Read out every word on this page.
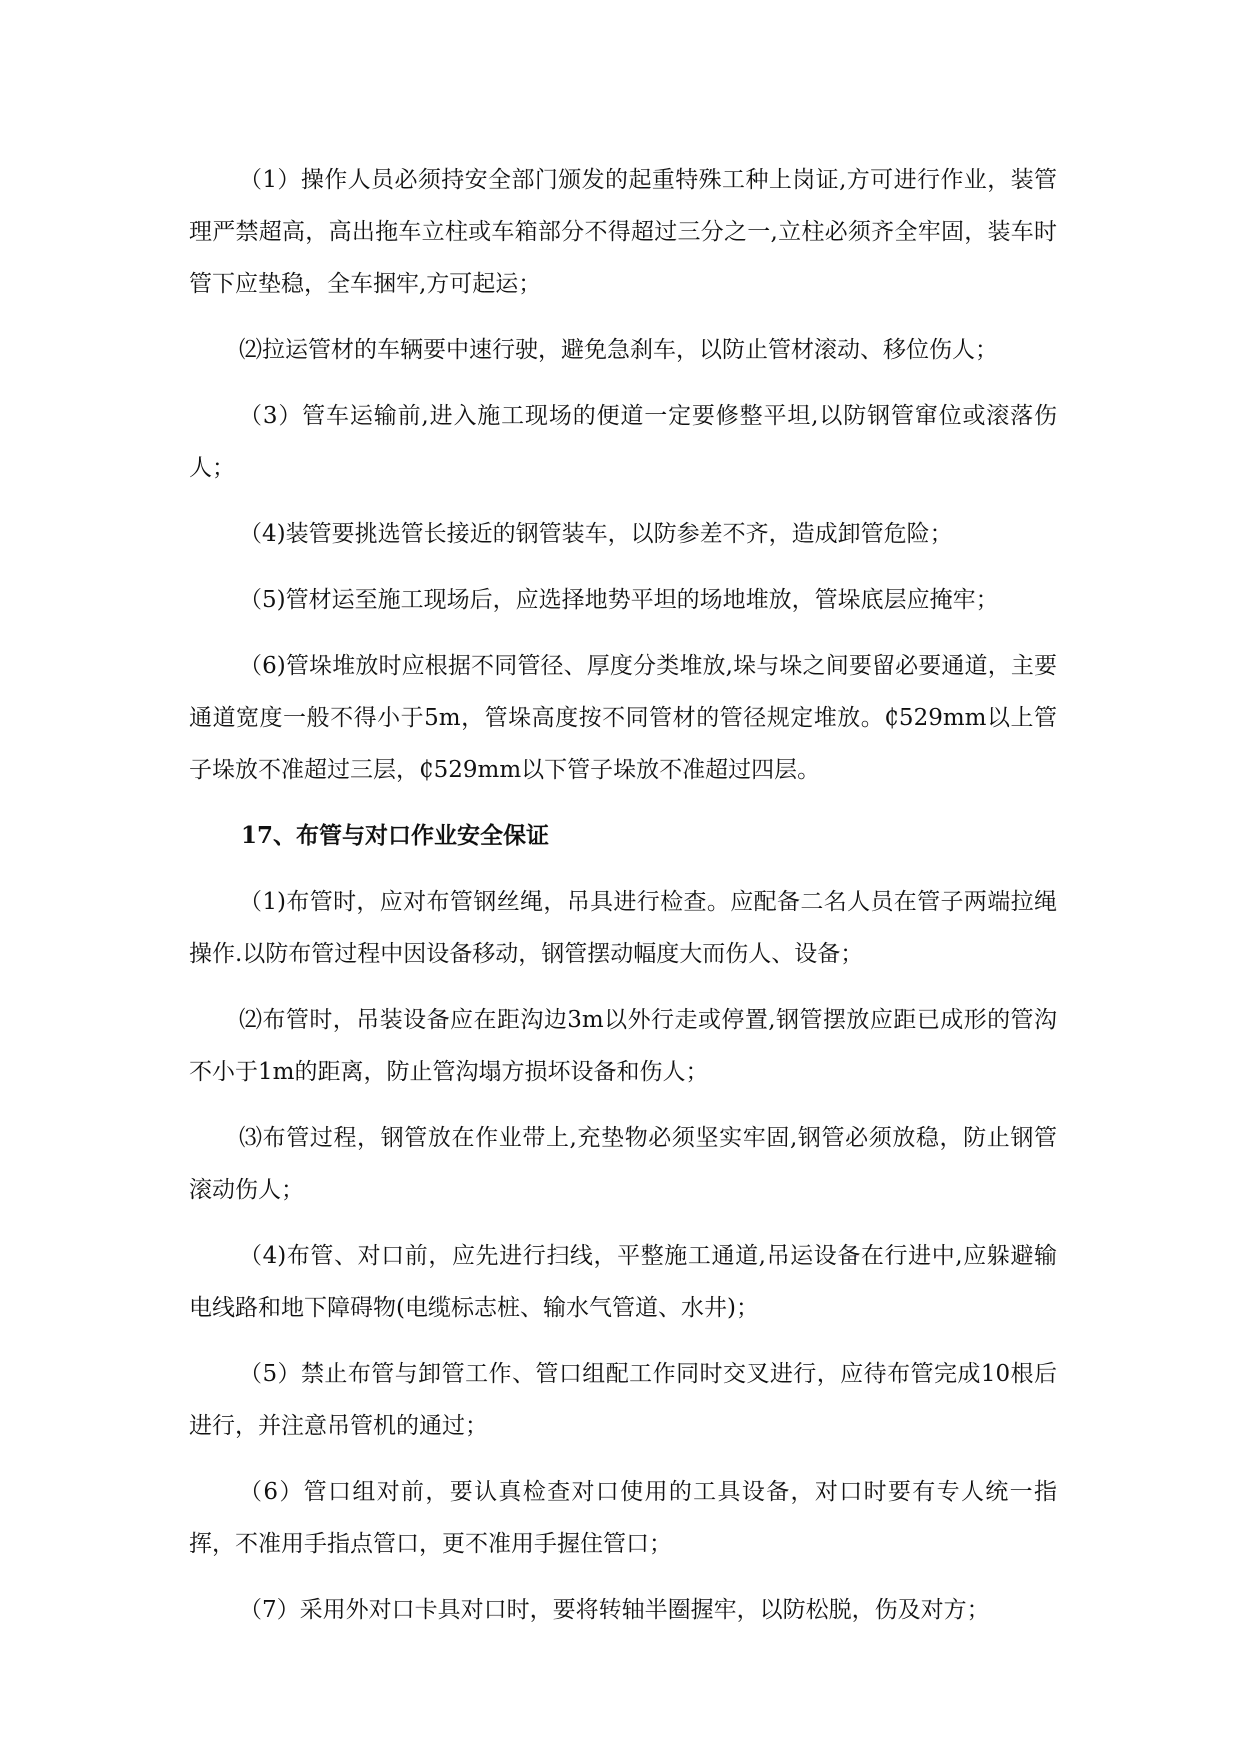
（1）操作人员必须持安全部门颁发的起重特殊工种上岗证,方可进行作业，装管理严禁超高，高出拖车立柱或车箱部分不得超过三分之一,立柱必须齐全牢固，装车时管下应垫稳，全车捆牢,方可起运；

⑵拉运管材的车辆要中速行驶，避免急刹车，以防止管材滚动、移位伤人；

（3）管车运输前,进入施工现场的便道一定要修整平坦,以防钢管窜位或滚落伤人；

（4)装管要挑选管长接近的钢管装车，以防参差不齐，造成卸管危险；

（5)管材运至施工现场后，应选择地势平坦的场地堆放，管垛底层应掩牢；

（6)管垛堆放时应根据不同管径、厚度分类堆放,垛与垛之间要留必要通道，主要通道宽度一般不得小于5m，管垛高度按不同管材的管径规定堆放。₵529mm以上管子垛放不准超过三层，₵529mm以下管子垛放不准超过四层。

17、布管与对口作业安全保证

（1)布管时，应对布管钢丝绳，吊具进行检查。应配备二名人员在管子两端拉绳操作.以防布管过程中因设备移动，钢管摆动幅度大而伤人、设备；

⑵布管时，吊装设备应在距沟边3m以外行走或停置,钢管摆放应距已成形的管沟不小于1m的距离，防止管沟塌方损坏设备和伤人；

⑶布管过程，钢管放在作业带上,充垫物必须坚实牢固,钢管必须放稳，防止钢管滚动伤人；

（4)布管、对口前，应先进行扫线，平整施工通道,吊运设备在行进中,应躲避输电线路和地下障碍物(电缆标志桩、输水气管道、水井)；

（5）禁止布管与卸管工作、管口组配工作同时交叉进行，应待布管完成10根后进行，并注意吊管机的通过；

（6）管口组对前，要认真检查对口使用的工具设备，对口时要有专人统一指挥，不准用手指点管口，更不准用手握住管口；

（7）采用外对口卡具对口时，要将转轴半圈握牢，以防松脱，伤及对方；
